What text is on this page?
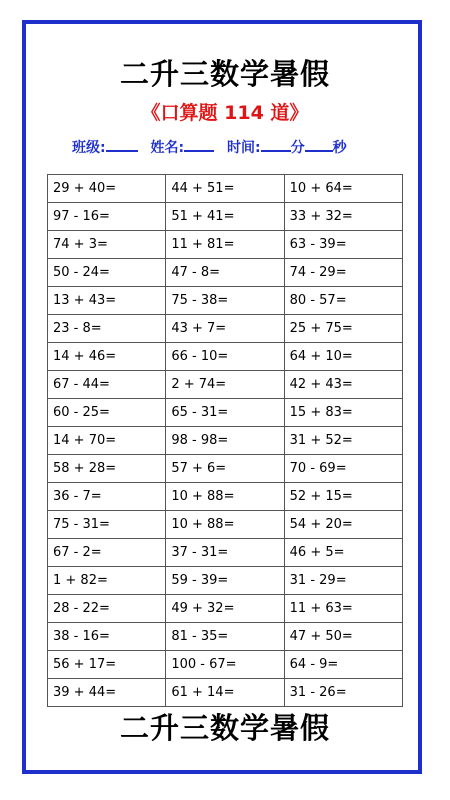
二升三数学暑假
《口算题 114 道》
班级:	姓名:	时间: 分 秒
29 + 40=	44 + 51=	10 + 64=
97 - 16=	51 + 41=	33 + 32=
74 + 3=	11 + 81=	63 - 39=
50 - 24=	47 - 8=	74 - 29=
13 + 43=	75 - 38=	80 - 57=
23 - 8=	43 + 7=	25 + 75=
14 + 46=	66 - 10=	64 + 10=
67 - 44=	2 + 74=	42 + 43=
60 - 25=	65 - 31=	15 + 83=
14 + 70=	98 - 98=	31 + 52=
58 + 28=	57 + 6=	70 - 69=
36 - 7=	10 + 88=	52 + 15=
75 - 31=	10 + 88=	54 + 20=
67 - 2=	37 - 31=	46 + 5=
1 + 82=	59 - 39=	31 - 29=
28 - 22=	49 + 32=	11 + 63=
38 - 16=	81 - 35=	47 + 50=
56 + 17=	100 - 67=	64 - 9=
39 + 44=	61 + 14=	31 - 26=
二升三数学暑假
